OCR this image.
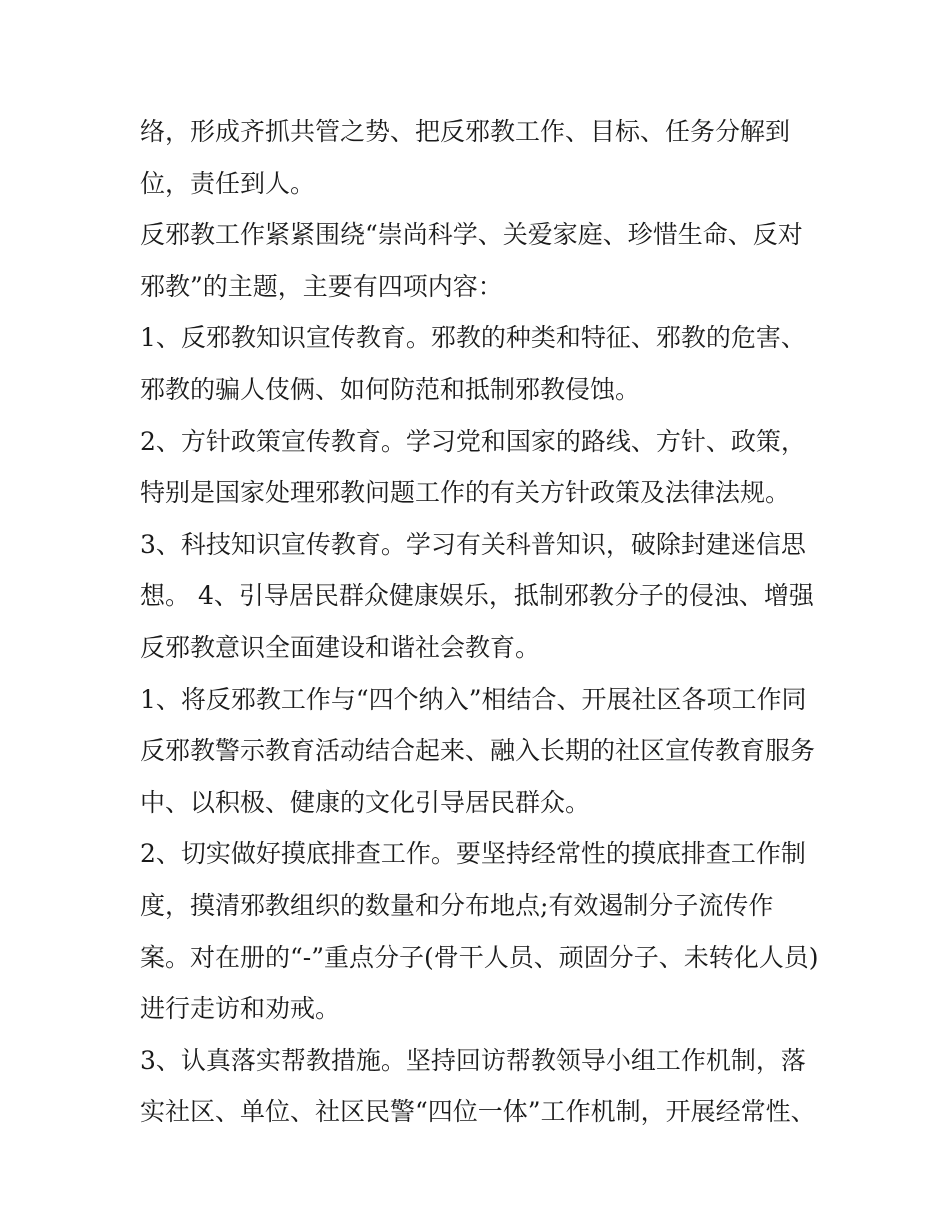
络，形成齐抓共管之势、把反邪教工作、目标、任务分解到
位，责任到人。
反邪教工作紧紧围绕“崇尚科学、关爱家庭、珍惜生命、反对
邪教”的主题，主要有四项内容：
1、反邪教知识宣传教育。邪教的种类和特征、邪教的危害、
邪教的骗人伎俩、如何防范和抵制邪教侵蚀。
2、方针政策宣传教育。学习党和国家的路线、方针、政策，
特别是国家处理邪教问题工作的有关方针政策及法律法规。
3、科技知识宣传教育。学习有关科普知识，破除封建迷信思
想。 4、引导居民群众健康娱乐，抵制邪教分子的侵浊、增强
反邪教意识全面建设和谐社会教育。
1、将反邪教工作与“四个纳入”相结合、开展社区各项工作同
反邪教警示教育活动结合起来、融入长期的社区宣传教育服务
中、以积极、健康的文化引导居民群众。
2、切实做好摸底排查工作。要坚持经常性的摸底排查工作制
度，摸清邪教组织的数量和分布地点;有效遏制分子流传作
案。对在册的“-”重点分子(骨干人员、顽固分子、未转化人员)
进行走访和劝戒。
3、认真落实帮教措施。坚持回访帮教领导小组工作机制，落
实社区、单位、社区民警“四位一体”工作机制，开展经常性、
